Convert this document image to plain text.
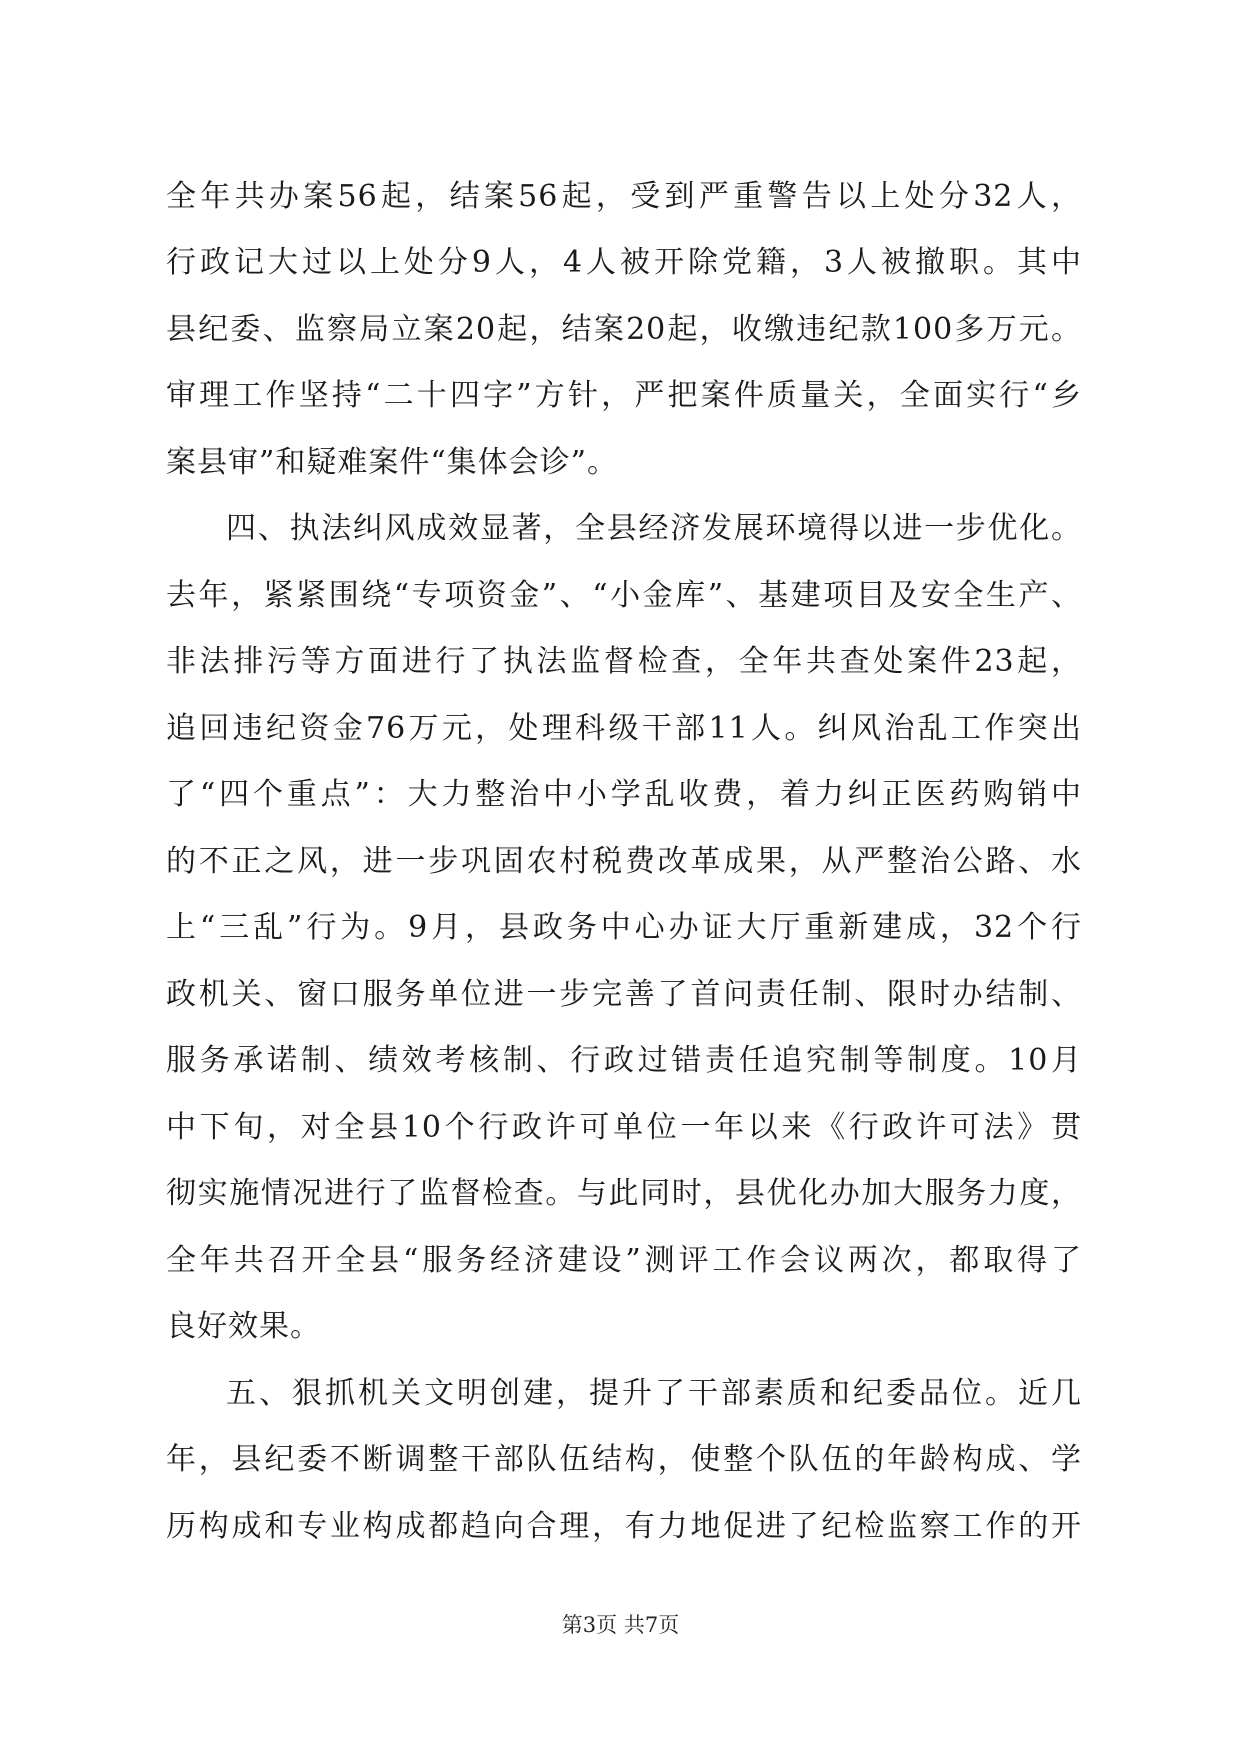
全年共办案56起，结案56起，受到严重警告以上处分32人，
行政记大过以上处分9人，4人被开除党籍，3人被撤职。其中
县纪委、监察局立案20起，结案20起，收缴违纪款100多万元。
审理工作坚持“二十四字”方针，严把案件质量关，全面实行“乡
案县审”和疑难案件“集体会诊”。
四、执法纠风成效显著，全县经济发展环境得以进一步优化。
去年，紧紧围绕“专项资金”、“小金库”、基建项目及安全生产、
非法排污等方面进行了执法监督检查，全年共查处案件23起，
追回违纪资金76万元，处理科级干部11人。纠风治乱工作突出
了“四个重点”：大力整治中小学乱收费，着力纠正医药购销中
的不正之风，进一步巩固农村税费改革成果，从严整治公路、水
上“三乱”行为。9月，县政务中心办证大厅重新建成，32个行
政机关、窗口服务单位进一步完善了首问责任制、限时办结制、
服务承诺制、绩效考核制、行政过错责任追究制等制度。10月
中下旬，对全县10个行政许可单位一年以来《行政许可法》贯
彻实施情况进行了监督检查。与此同时，县优化办加大服务力度，
全年共召开全县“服务经济建设”测评工作会议两次，都取得了
良好效果。
五、狠抓机关文明创建，提升了干部素质和纪委品位。近几
年，县纪委不断调整干部队伍结构，使整个队伍的年龄构成、学
历构成和专业构成都趋向合理，有力地促进了纪检监察工作的开
第3页 共7页
